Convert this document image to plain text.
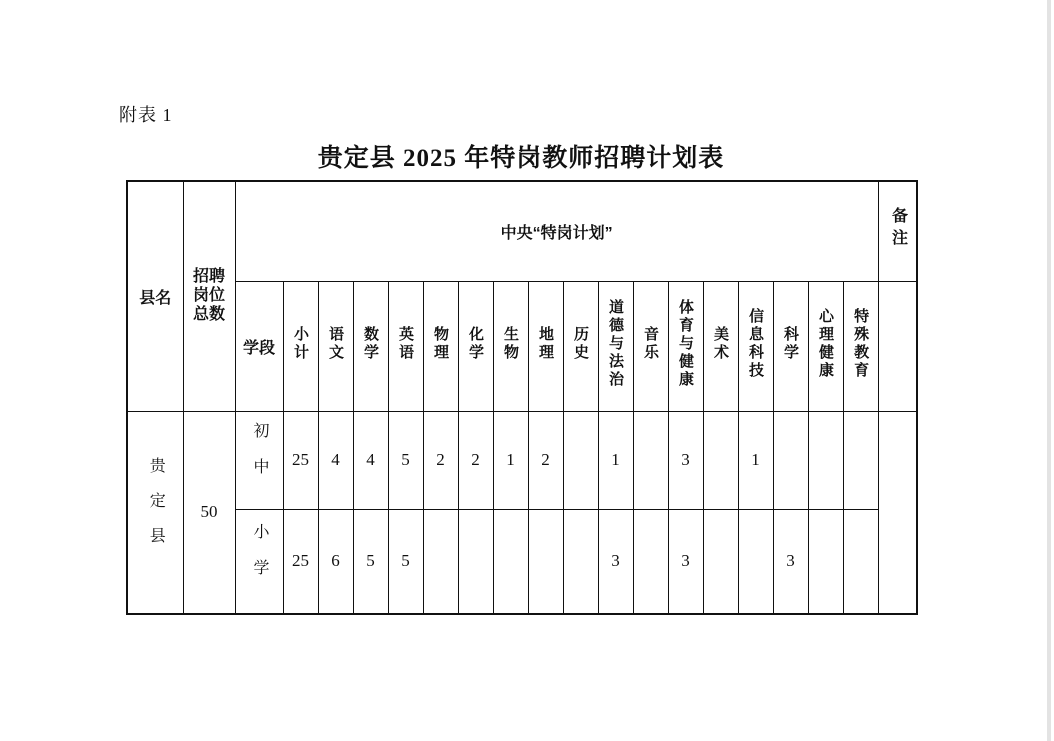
附表 1
贵定县 2025 年特岗教师招聘计划表
县名	招聘岗位总数	中央“特岗计划”																		备注
		学段	小计	语文	数学	英语	物理	化学	生物	地理	历史	道德与法治	音乐	体育与健康	美术	信息科技	科学	心理健康	特殊教育	
贵定县	50	初中	25	4	4	5	2	2	1	2		1		3		1				
		小学	25	6	5	5						3		3			3			
